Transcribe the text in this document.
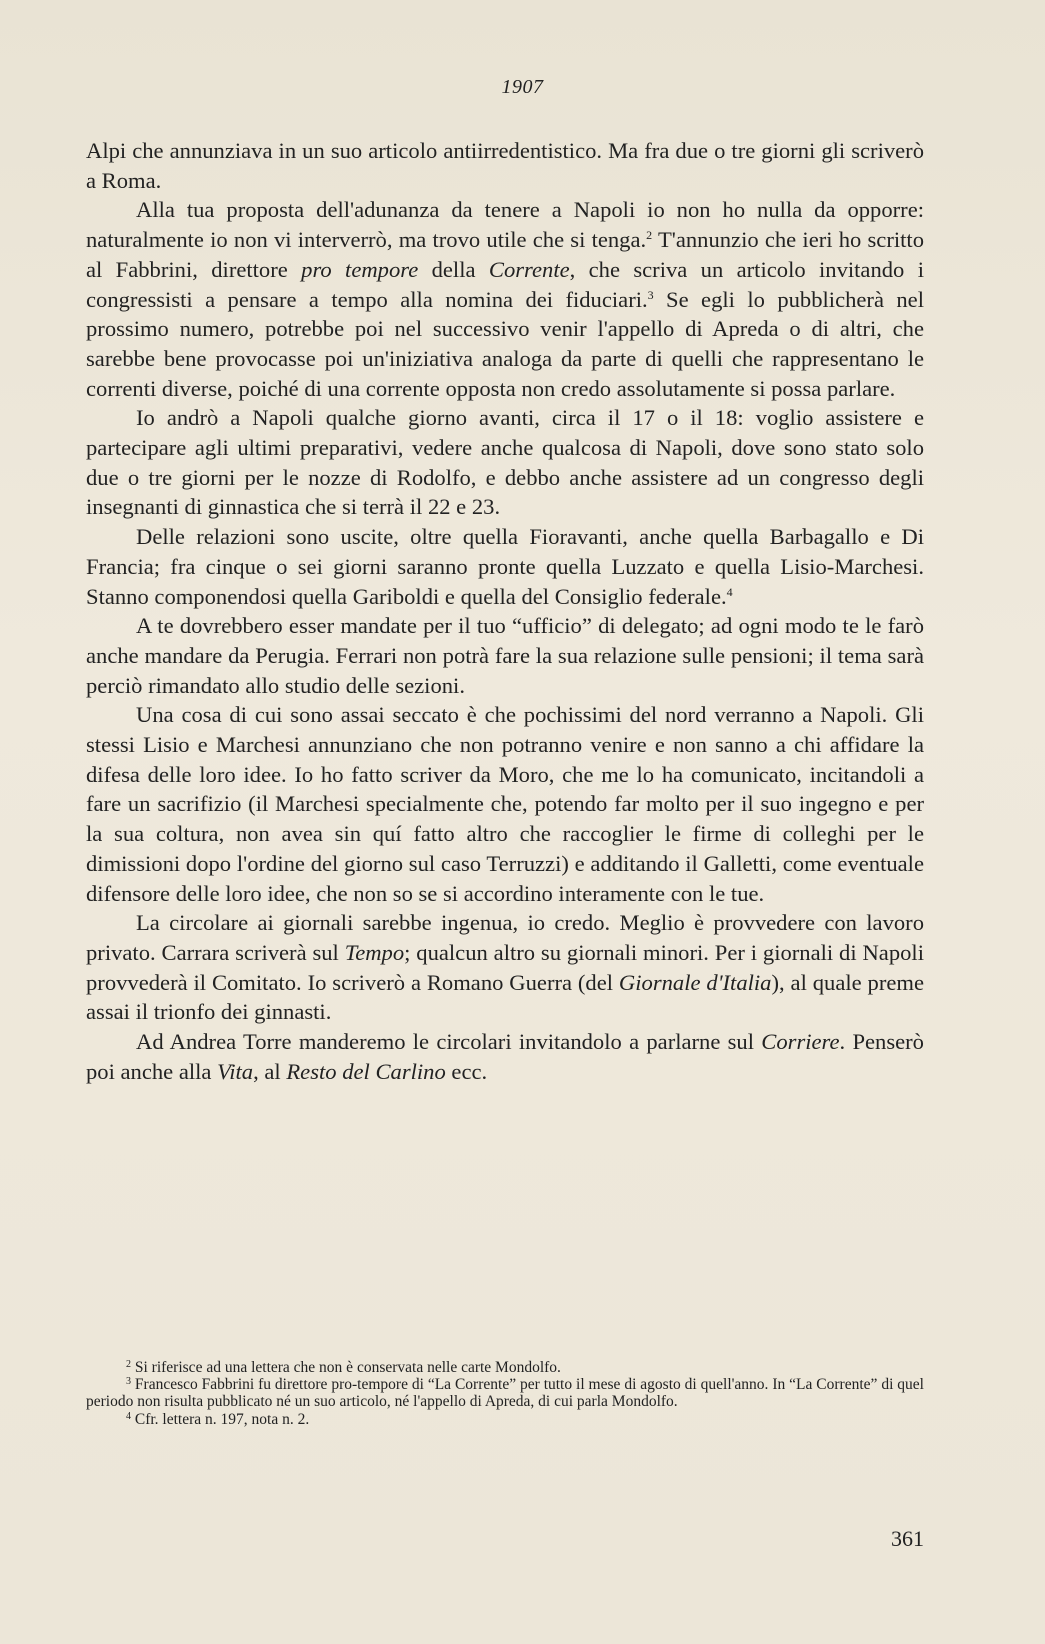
1907

Alpi che annunziava in un suo articolo antiirredentistico. Ma fra due o tre giorni gli scriverò a Roma.

Alla tua proposta dell'adunanza da tenere a Napoli io non ho nulla da opporre: naturalmente io non vi interverrò, ma trovo utile che si tenga.$^2$ T'annunzio che ieri ho scritto al Fabbrini, direttore pro tempore della Corrente, che scriva un articolo invitando i congressisti a pensare a tempo alla nomina dei fiduciari.$^3$ Se egli lo pubblicherà nel prossimo numero, potrebbe poi nel successivo venir l'appello di Apreda o di altri, che sarebbe bene provocasse poi un'iniziativa analoga da parte di quelli che rappresentano le correnti diverse, poiché di una corrente opposta non credo assolutamente si possa parlare.

Io andrò a Napoli qualche giorno avanti, circa il 17 o il 18: voglio assistere e partecipare agli ultimi preparativi, vedere anche qualcosa di Napoli, dove sono stato solo due o tre giorni per le nozze di Rodolfo, e debbo anche assistere ad un congresso degli insegnanti di ginnastica che si terrà il 22 e 23.

Delle relazioni sono uscite, oltre quella Fioravanti, anche quella Barbagallo e Di Francia; fra cinque o sei giorni saranno pronte quella Luzzato e quella Lisio-Marchesi. Stanno componendosi quella Gariboldi e quella del Consiglio federale.$^4$

A te dovrebbero esser mandate per il tuo “ufficio” di delegato; ad ogni modo te le farò anche mandare da Perugia. Ferrari non potrà fare la sua relazione sulle pensioni; il tema sarà perciò rimandato allo studio delle sezioni.

Una cosa di cui sono assai seccato è che pochissimi del nord verranno a Napoli. Gli stessi Lisio e Marchesi annunziano che non potranno venire e non sanno a chi affidare la difesa delle loro idee. Io ho fatto scriver da Moro, che me lo ha comunicato, incitandoli a fare un sacrifizio (il Marchesi specialmente che, potendo far molto per il suo ingegno e per la sua coltura, non avea sin quí fatto altro che raccoglier le firme di colleghi per le dimissioni dopo l'ordine del giorno sul caso Terruzzi) e additando il Galletti, come eventuale difensore delle loro idee, che non so se si accordino interamente con le tue.

La circolare ai giornali sarebbe ingenua, io credo. Meglio è provvedere con lavoro privato. Carrara scriverà sul Tempo; qualcun altro su giornali minori. Per i giornali di Napoli provvederà il Comitato. Io scriverò a Romano Guerra (del Giornale d'Italia), al quale preme assai il trionfo dei ginnasti.

Ad Andrea Torre manderemo le circolari invitandolo a parlarne sul Corriere. Penserò poi anche alla Vita, al Resto del Carlino ecc.

$^2$ Si riferisce ad una lettera che non è conservata nelle carte Mondolfo.

$^3$ Francesco Fabbrini fu direttore pro-tempore di “La Corrente” per tutto il mese di agosto di quell'anno. In “La Corrente” di quel periodo non risulta pubblicato né un suo articolo, né l'appello di Apreda, di cui parla Mondolfo.

$^4$ Cfr. lettera n. 197, nota n. 2.

361
